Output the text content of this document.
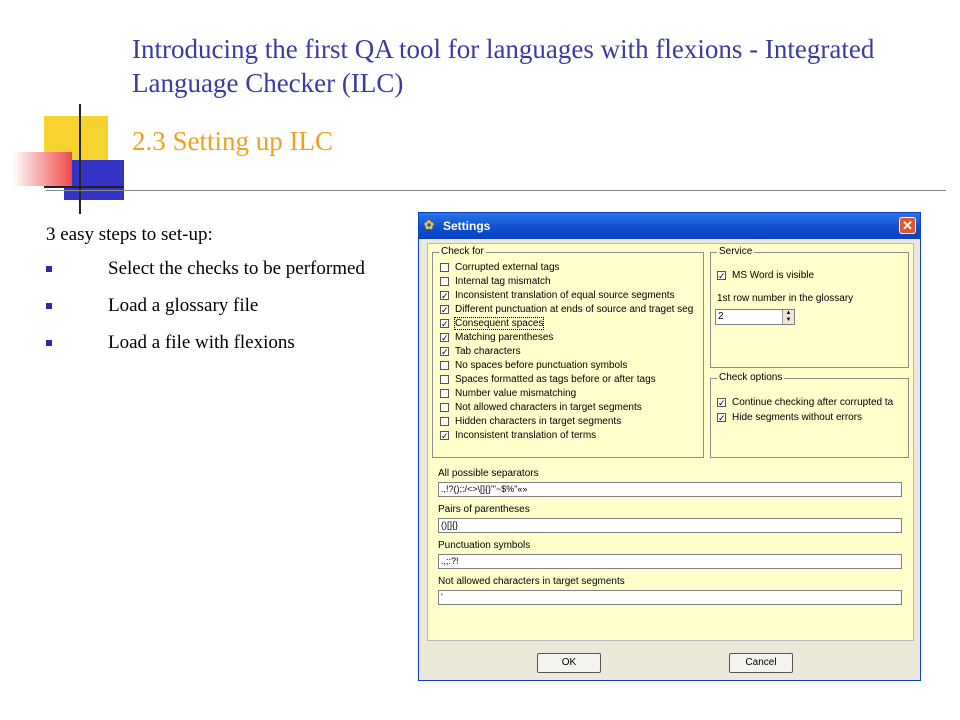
Introducing the first QA tool for languages with flexions - Integrated Language Checker (ILC)
2.3 Setting up ILC
3 easy steps to set-up:
Select the checks to be performed
Load a glossary file
Load a file with flexions
✿ Settings	✕
Check for
Corrupted external tags
Internal tag mismatch
✓ Inconsistent translation of equal source segments
✓ Different punctuation at ends of source and traget seg
✓ Consequent spaces
✓ Matching parentheses
✓ Tab characters
No spaces before punctuation symbols
Spaces formatted as tags before or after tags
Number value mismatching
Not allowed characters in target segments
Hidden characters in target segments
✓ Inconsistent translation of terms
Service
✓ MS Word is visible
1st row number in the glossary
2	▲
▼
Check options
✓ Continue checking after corrupted ta
✓ Hide segments without errors
All possible separators
.,!?();:/<>\[]{}'"~$%"«»
Pairs of parentheses
()[]{}
Punctuation symbols
.,;:?!
Not allowed characters in target segments
'
OK	Cancel
